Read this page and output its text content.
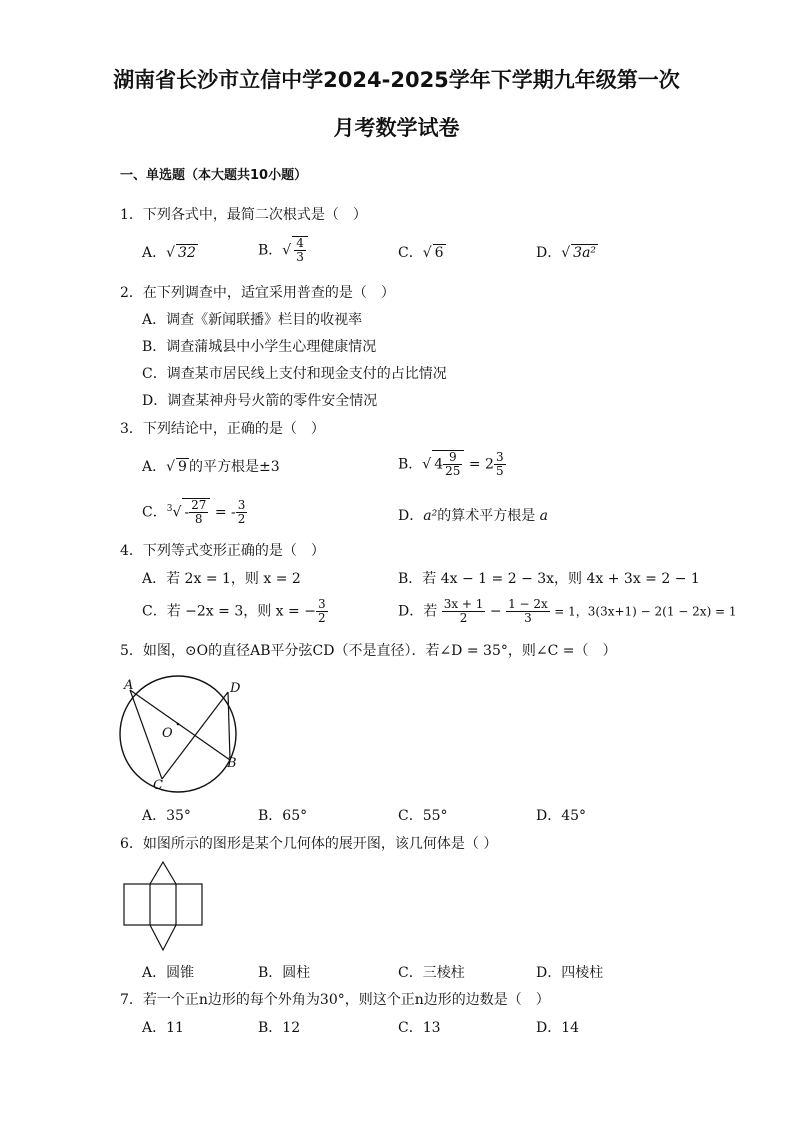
湖南省长沙市立信中学2024-2025学年下学期九年级第一次
月考数学试卷
一、单选题（本大题共10小题）
1．下列各式中，最简二次根式是（　）
A．√ 32	B．√ $\frac{4}{3}$	C．√ 6	D．√ 3a²
2．在下列调查中，适宜采用普查的是（　）
A．调查《新闻联播》栏目的收视率
B．调查蒲城县中小学生心理健康情况
C．调查某市居民线上支付和现金支付的占比情况
D．调查某神舟号火箭的零件安全情况
3．下列结论中，正确的是（　）
A．√ 9 的平方根是±3	B．√ $4 \frac{9}{25} = 2 \frac{3}{5}$
C．$^3√ - \frac{27}{8}$ = - $\frac{3}{2}$	D．a²的算术平方根是 a
4．下列等式变形正确的是（　）
A．若 2x = 1，则 x = 2	B．若 4x − 1 = 2 − 3x，则 4x + 3x = 2 − 1
C．若 −2x = 3，则 x = − $\frac{3}{2}$	D．若 $\frac{3x + 1}{2} - \frac{1 - 2x}{3} = 1$，3(3x+1) − 2(1 − 2x) = 1
5．如图，⊙O的直径AB平分弦CD（不是直径）．若∠D = 35°，则∠C =（　）
A	D
O
B
C
A．35°	B．65°	C．55°	D．45°
6．如图所示的图形是某个几何体的展开图，该几何体是（ ）
A．圆锥	B．圆柱	C．三棱柱	D．四棱柱
7．若一个正n边形的每个外角为30°，则这个正n边形的边数是（　）
A．11	B．12	C．13	D．14
